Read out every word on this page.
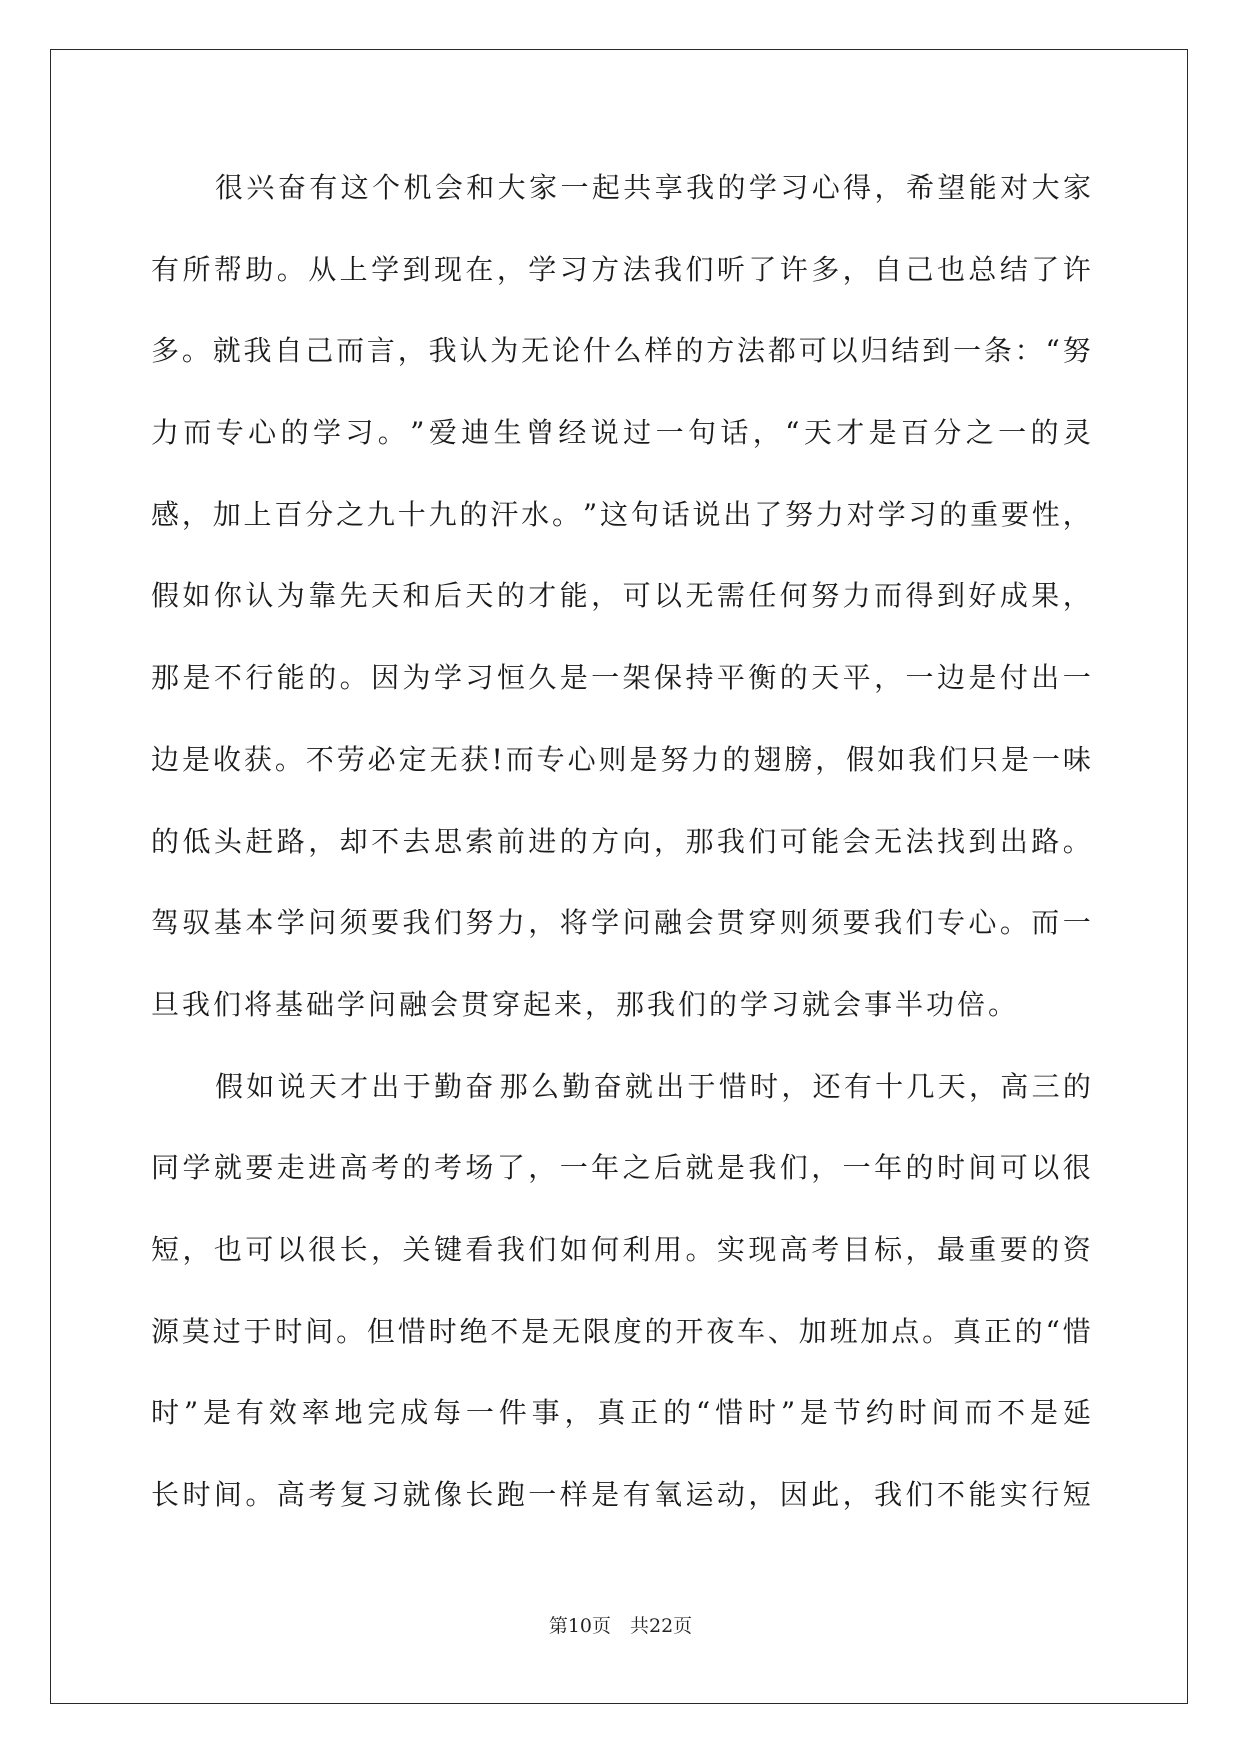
很 兴 奋 有 这 个 机 会 和 大 家 一 起 共 享 我 的 学 习 心 得 ， 希 望 能 对 大 家
有 所 帮 助 。 从 上 学 到 现 在 ， 学 习 方 法 我 们 听 了 许 多 ， 自 己 也 总 结 了 许
多 。 就 我 自 己 而 言 ， 我 认 为 无 论 什 么 样 的 方 法 都 可 以 归 结 到 一 条 ： “ 努
力 而 专 心 的 学 习 。 ” 爱 迪 生 曾 经 说 过 一 句 话 ， “ 天 才 是 百 分 之 一 的 灵
感 ， 加 上 百 分 之 九 十 九 的 汗 水 。 ” 这 句 话 说 出 了 努 力 对 学 习 的 重 要 性 ，
假 如 你 认 为 靠 先 天 和 后 天 的 才 能 ， 可 以 无 需 任 何 努 力 而 得 到 好 成 果 ，
那 是 不 行 能 的 。 因 为 学 习 恒 久 是 一 架 保 持 平 衡 的 天 平 ， 一 边 是 付 出 一
边 是 收 获 。 不 劳 必 定 无 获 ! 而 专 心 则 是 努 力 的 翅 膀 ， 假 如 我 们 只 是 一 味
的 低 头 赶 路 ， 却 不 去 思 索 前 进 的 方 向 ， 那 我 们 可 能 会 无 法 找 到 出 路 。
驾 驭 基 本 学 问 须 要 我 们 努 力 ， 将 学 问 融 会 贯 穿 则 须 要 我 们 专 心 。 而 一
旦我们将基础学问融会贯穿起来，那我们的学习就会事半功倍。
假 如 说 天 才 出 于 勤 奋 那 么 勤 奋 就 出 于 惜 时 ， 还 有 十 几 天 ， 高 三 的
同 学 就 要 走 进 高 考 的 考 场 了 ， 一 年 之 后 就 是 我 们 ， 一 年 的 时 间 可 以 很
短 ， 也 可 以 很 长 ， 关 键 看 我 们 如 何 利 用 。 实 现 高 考 目 标 ， 最 重 要 的 资
源 莫 过 于 时 间 。 但 惜 时 绝 不 是 无 限 度 的 开 夜 车 、 加 班 加 点 。 真 正 的 “ 惜
时 ” 是 有 效 率 地 完 成 每 一 件 事 ， 真 正 的 “ 惜 时 ” 是 节 约 时 间 而 不 是 延
长 时 间 。 高 考 复 习 就 像 长 跑 一 样 是 有 氧 运 动 ， 因 此 ， 我 们 不 能 实 行 短
第10页　共22页
